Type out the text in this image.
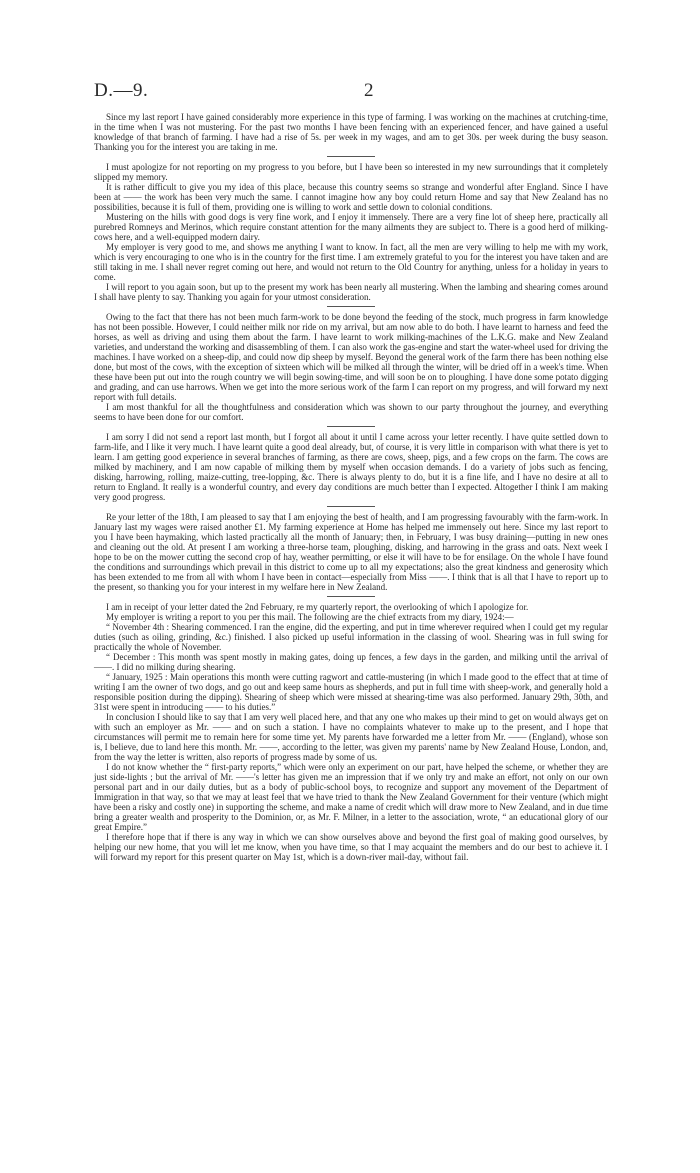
D.—9.	2

Since my last report I have gained considerably more experience in this type of farming. I was working on the machines at crutching-time, in the time when I was not mustering. For the past two months I have been fencing with an experienced fencer, and have gained a useful knowledge of that branch of farming. I have had a rise of 5s. per week in my wages, and am to get 30s. per week during the busy season. Thanking you for the interest you are taking in me.

I must apologize for not reporting on my progress to you before, but I have been so interested in my new surroundings that it completely slipped my memory.

It is rather difficult to give you my idea of this place, because this country seems so strange and wonderful after England. Since I have been at —— the work has been very much the same. I cannot imagine how any boy could return Home and say that New Zealand has no possibilities, because it is full of them, providing one is willing to work and settle down to colonial conditions.

Mustering on the hills with good dogs is very fine work, and I enjoy it immensely. There are a very fine lot of sheep here, practically all purebred Romneys and Merinos, which require constant attention for the many ailments they are subject to. There is a good herd of milking-cows here, and a well-equipped modern dairy.

My employer is very good to me, and shows me anything I want to know. In fact, all the men are very willing to help me with my work, which is very encouraging to one who is in the country for the first time. I am extremely grateful to you for the interest you have taken and are still taking in me. I shall never regret coming out here, and would not return to the Old Country for anything, unless for a holiday in years to come.

I will report to you again soon, but up to the present my work has been nearly all mustering. When the lambing and shearing comes around I shall have plenty to say. Thanking you again for your utmost consideration.

Owing to the fact that there has not been much farm-work to be done beyond the feeding of the stock, much progress in farm knowledge has not been possible. However, I could neither milk nor ride on my arrival, but am now able to do both. I have learnt to harness and feed the horses, as well as driving and using them about the farm. I have learnt to work milking-machines of the L.K.G. make and New Zealand varieties, and understand the working and disassembling of them. I can also work the gas-engine and start the water-wheel used for driving the machines. I have worked on a sheep-dip, and could now dip sheep by myself. Beyond the general work of the farm there has been nothing else done, but most of the cows, with the exception of sixteen which will be milked all through the winter, will be dried off in a week's time. When these have been put out into the rough country we will begin sowing-time, and will soon be on to ploughing. I have done some potato digging and grading, and can use harrows. When we get into the more serious work of the farm I can report on my progress, and will forward my next report with full details.

I am most thankful for all the thoughtfulness and consideration which was shown to our party throughout the journey, and everything seems to have been done for our comfort.

I am sorry I did not send a report last month, but I forgot all about it until I came across your letter recently. I have quite settled down to farm-life, and I like it very much. I have learnt quite a good deal already, but, of course, it is very little in comparison with what there is yet to learn. I am getting good experience in several branches of farming, as there are cows, sheep, pigs, and a few crops on the farm. The cows are milked by machinery, and I am now capable of milking them by myself when occasion demands. I do a variety of jobs such as fencing, disking, harrowing, rolling, maize-cutting, tree-lopping, &c. There is always plenty to do, but it is a fine life, and I have no desire at all to return to England. It really is a wonderful country, and every day conditions are much better than I expected. Altogether I think I am making very good progress.

Re your letter of the 18th, I am pleased to say that I am enjoying the best of health, and I am progressing favourably with the farm-work. In January last my wages were raised another £1. My farming experience at Home has helped me immensely out here. Since my last report to you I have been haymaking, which lasted practically all the month of January; then, in February, I was busy draining—putting in new ones and cleaning out the old. At present I am working a three-horse team, ploughing, disking, and harrowing in the grass and oats. Next week I hope to be on the mower cutting the second crop of hay, weather permitting, or else it will have to be for ensilage. On the whole I have found the conditions and surroundings which prevail in this district to come up to all my expectations; also the great kindness and generosity which has been extended to me from all with whom I have been in contact—especially from Miss ——. I think that is all that I have to report up to the present, so thanking you for your interest in my welfare here in New Zealand.

I am in receipt of your letter dated the 2nd February, re my quarterly report, the overlooking of which I apologize for.

My employer is writing a report to you per this mail. The following are the chief extracts from my diary, 1924:—

“ November 4th : Shearing commenced. I ran the engine, did the experting, and put in time wherever required when I could get my regular duties (such as oiling, grinding, &c.) finished. I also picked up useful information in the classing of wool. Shearing was in full swing for practically the whole of November.

“ December : This month was spent mostly in making gates, doing up fences, a few days in the garden, and milking until the arrival of ——. I did no milking during shearing.

“ January, 1925 : Main operations this month were cutting ragwort and cattle-mustering (in which I made good to the effect that at time of writing I am the owner of two dogs, and go out and keep same hours as shepherds, and put in full time with sheep-work, and generally hold a responsible position during the dipping). Shearing of sheep which were missed at shearing-time was also performed. January 29th, 30th, and 31st were spent in introducing —— to his duties.”

In conclusion I should like to say that I am very well placed here, and that any one who makes up their mind to get on would always get on with such an employer as Mr. —— and on such a station. I have no complaints whatever to make up to the present, and I hope that circumstances will permit me to remain here for some time yet. My parents have forwarded me a letter from Mr. —— (England), whose son is, I believe, due to land here this month. Mr. ——, according to the letter, was given my parents' name by New Zealand House, London, and, from the way the letter is written, also reports of progress made by some of us.

I do not know whether the “ first-party reports,” which were only an experiment on our part, have helped the scheme, or whether they are just side-lights ; but the arrival of Mr. ——'s letter has given me an impression that if we only try and make an effort, not only on our own personal part and in our daily duties, but as a body of public-school boys, to recognize and support any movement of the Department of Immigration in that way, so that we may at least feel that we have tried to thank the New Zealand Government for their venture (which might have been a risky and costly one) in supporting the scheme, and make a name of credit which will draw more to New Zealand, and in due time bring a greater wealth and prosperity to the Dominion, or, as Mr. F. Milner, in a letter to the association, wrote, “ an educational glory of our great Empire.”

I therefore hope that if there is any way in which we can show ourselves above and beyond the first goal of making good ourselves, by helping our new home, that you will let me know, when you have time, so that I may acquaint the members and do our best to achieve it. I will forward my report for this present quarter on May 1st, which is a down-river mail-day, without fail.
